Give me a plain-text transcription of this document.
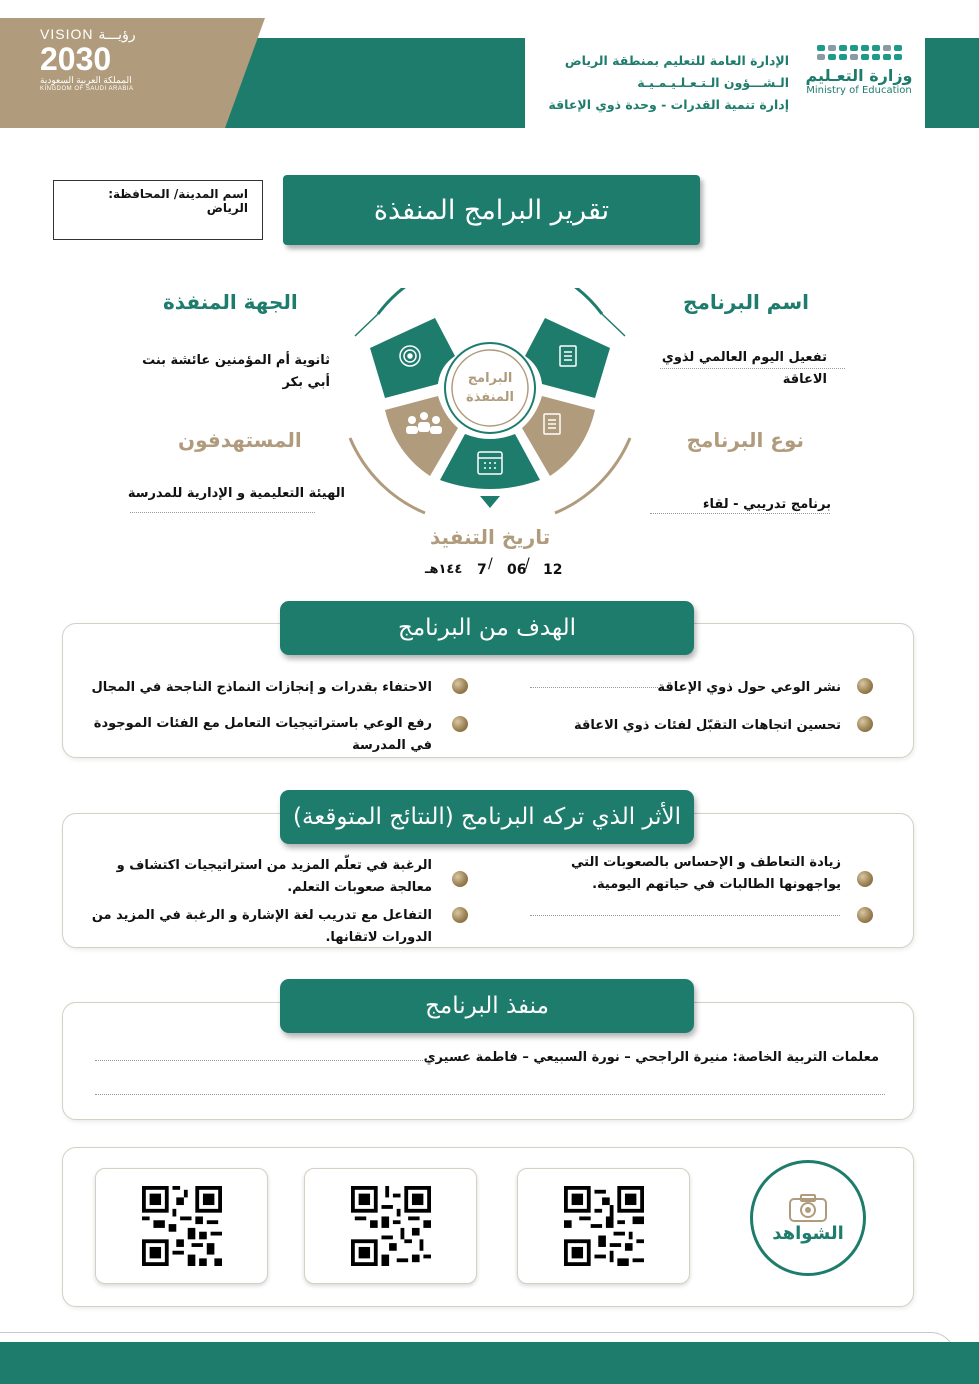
VISION رؤيـــة
2030
المملكة العربية السعودية
KINGDOM OF SAUDI ARABIA
الإدارة العامة للتعليم بمنطقة الرياض
الـشـــؤون الـتـعـلـيـمـيـة
إدارة تنمية القدرات - وحدة ذوي الإعاقة
وزارة التعـليم
Ministry of Education
اسم المدينة/ المحافظة: الرياض	تقرير البرامج المنفذة
اسم البرنامج
تفعيل اليوم العالمي لذوي الاعاقة
نوع البرنامج
برنامج تدريبي - لقاء
الجهة المنفذة
ثانوية أم المؤمنين عائشة بنت أبي بكر
المستهدفون
الهيئة التعليمية و الإدارية للمدرسة
البرامج
المنفذة
تاريخ التنفيذ
١٤٤هـ 7 / 06
/ 12
الهدف من البرنامج
نشر الوعي حول ذوي الإعاقة
تحسين اتجاهات التقبّل لفئات ذوي الاعاقة
الاحتفاء بقدرات و إنجازات النماذج الناجحة في المجال
رفع الوعي باستراتيجيات التعامل مع الفئات الموجودة في المدرسة
الأثر الذي تركه البرنامج (النتائج المتوقعة)
زيادة التعاطف و الإحساس بالصعوبات التي يواجهونها الطالبات في حياتهم اليومية.
الرغبة في تعلّم المزيد من استراتيجيات اكتشاف و معالجة صعوبات التعلم.
التفاعل مع تدريب لغة الإشارة و الرغبة في المزيد من الدورات لاتقانها.
منفذ البرنامج
معلمات التربية الخاصة: منيرة الراجحي – نورة السبيعي – فاطمة عسيري
الشواهد
